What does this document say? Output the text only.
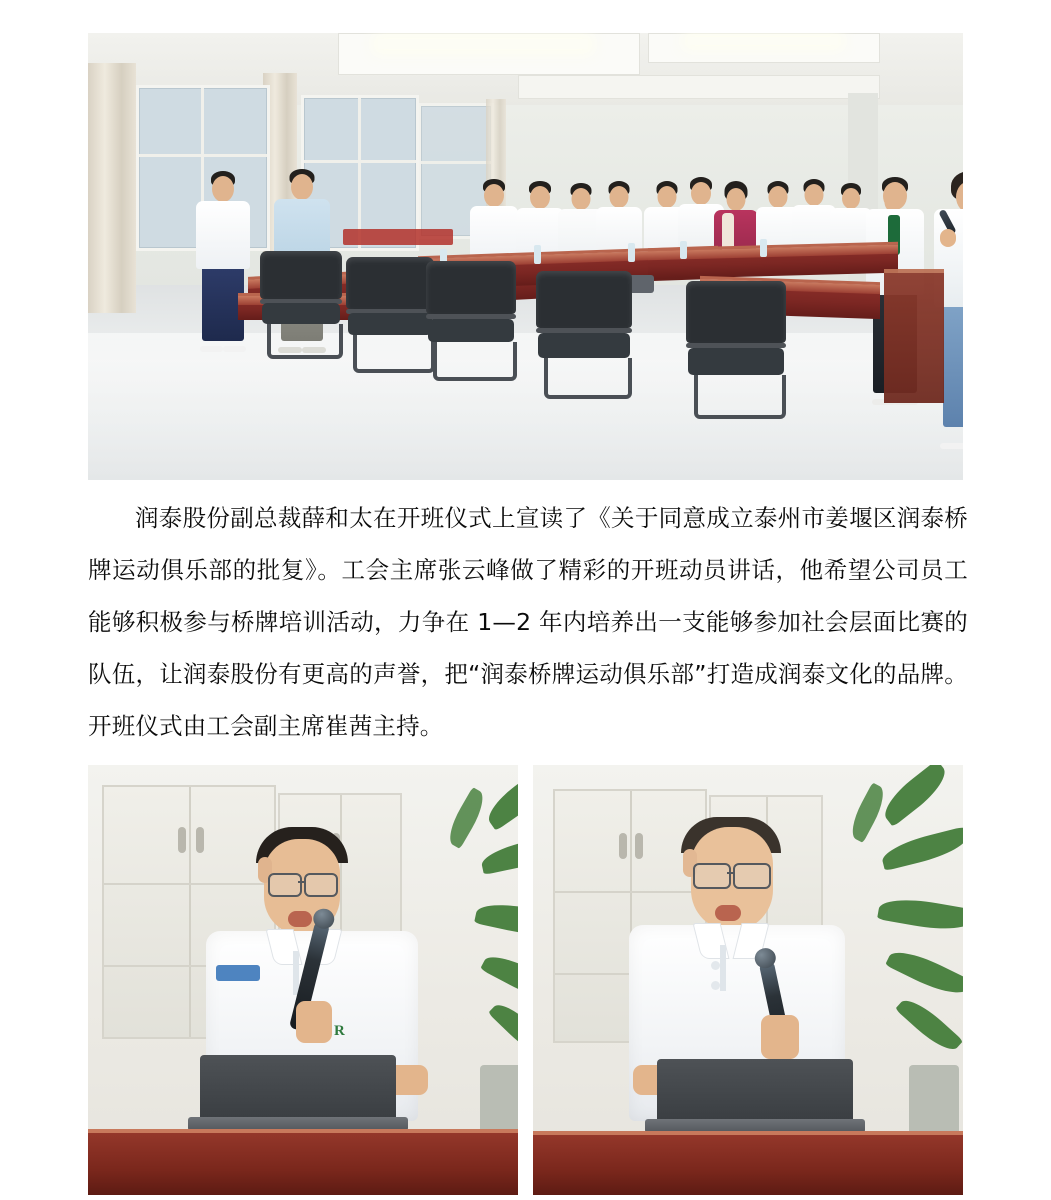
润泰股份副总裁薛和太在开班仪式上宣读了《关于同意成立泰州市姜堰区润泰桥牌运动俱乐部的批复》。工会主席张云峰做了精彩的开班动员讲话，他希望公司员工能够积极参与桥牌培训活动，力争在 1—2 年内培养出一支能够参加社会层面比赛的队伍，让润泰股份有更高的声誉，把“润泰桥牌运动俱乐部”打造成润泰文化的品牌。开班仪式由工会副主席崔茜主持。

R
